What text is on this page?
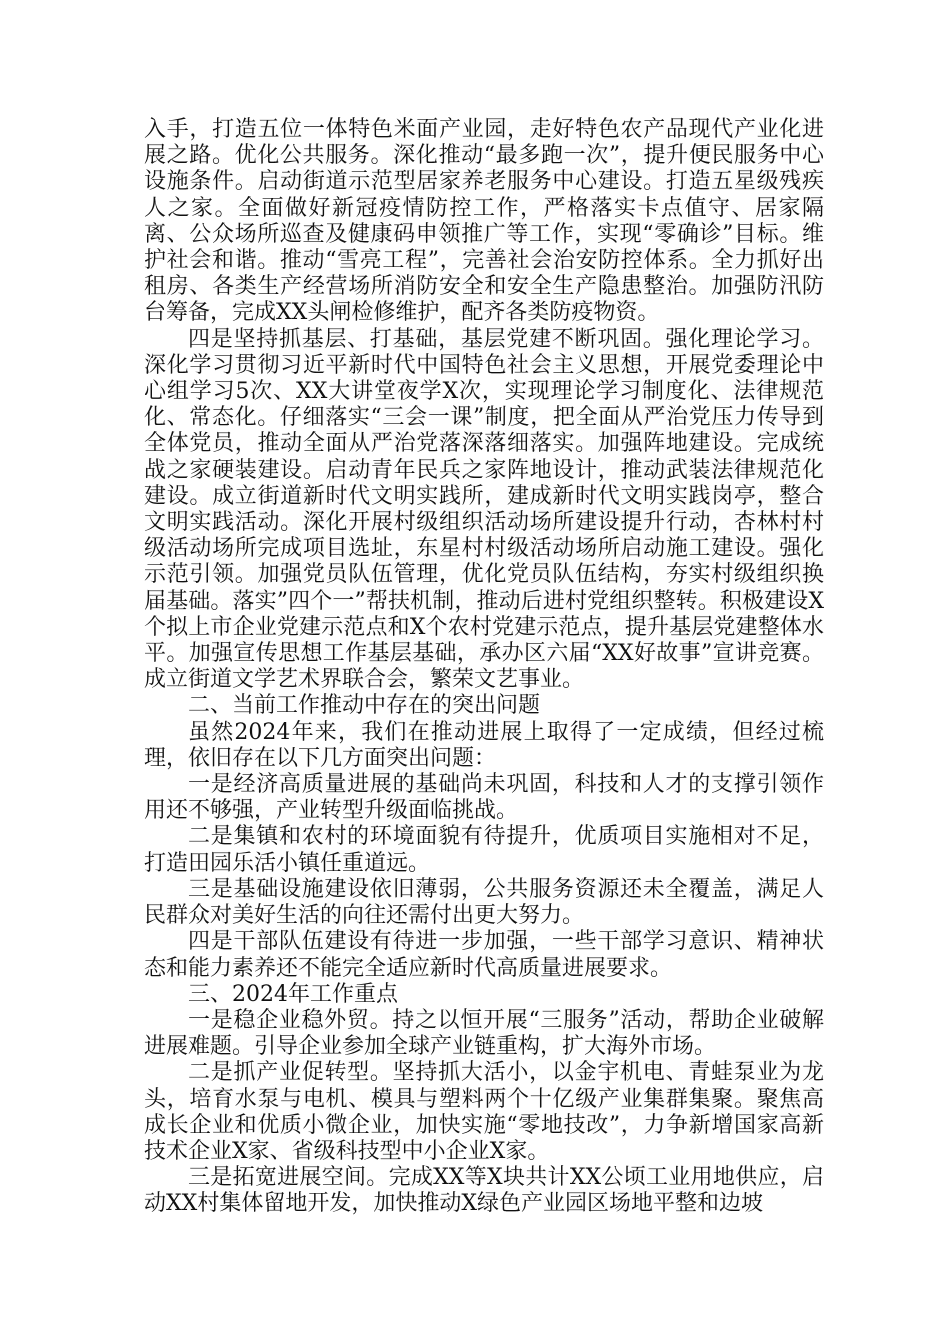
入手，打造五位一体特色米面产业园，走好特色农产品现代产业化进展之路。优化公共服务。深化推动“最多跑一次”，提升便民服务中心设施条件。启动街道示范型居家养老服务中心建设。打造五星级残疾人之家。全面做好新冠疫情防控工作，严格落实卡点值守、居家隔离、公众场所巡查及健康码申领推广等工作，实现“零确诊”目标。维护社会和谐。推动“雪亮工程”，完善社会治安防控体系。全力抓好出租房、各类生产经营场所消防安全和安全生产隐患整治。加强防汛防台筹备，完成XX头闸检修维护，配齐各类防疫物资。

四是坚持抓基层、打基础，基层党建不断巩固。强化理论学习。深化学习贯彻习近平新时代中国特色社会主义思想，开展党委理论中心组学习5次、XX大讲堂夜学X次，实现理论学习制度化、法律规范化、常态化。仔细落实“三会一课”制度，把全面从严治党压力传导到全体党员，推动全面从严治党落深落细落实。加强阵地建设。完成统战之家硬装建设。启动青年民兵之家阵地设计，推动武装法律规范化建设。成立街道新时代文明实践所，建成新时代文明实践岗亭，整合文明实践活动。深化开展村级组织活动场所建设提升行动，杏林村村级活动场所完成项目选址，东星村村级活动场所启动施工建设。强化示范引领。加强党员队伍管理，优化党员队伍结构，夯实村级组织换届基础。落实”四个一”帮扶机制，推动后进村党组织整转。积极建设X个拟上市企业党建示范点和X个农村党建示范点，提升基层党建整体水平。加强宣传思想工作基层基础，承办区六届“XX好故事”宣讲竞赛。成立街道文学艺术界联合会，繁荣文艺事业。

二、当前工作推动中存在的突出问题

虽然2024年来，我们在推动进展上取得了一定成绩，但经过梳理，依旧存在以下几方面突出问题：

一是经济高质量进展的基础尚未巩固，科技和人才的支撑引领作用还不够强，产业转型升级面临挑战。

二是集镇和农村的环境面貌有待提升，优质项目实施相对不足，打造田园乐活小镇任重道远。

三是基础设施建设依旧薄弱，公共服务资源还未全覆盖，满足人民群众对美好生活的向往还需付出更大努力。

四是干部队伍建设有待进一步加强，一些干部学习意识、精神状态和能力素养还不能完全适应新时代高质量进展要求。

三、2024年工作重点

一是稳企业稳外贸。持之以恒开展“三服务”活动，帮助企业破解进展难题。引导企业参加全球产业链重构，扩大海外市场。

二是抓产业促转型。坚持抓大活小，以金宇机电、青蛙泵业为龙头，培育水泵与电机、模具与塑料两个十亿级产业集群集聚。聚焦高成长企业和优质小微企业，加快实施“零地技改”，力争新增国家高新技术企业X家、省级科技型中小企业X家。

三是拓宽进展空间。完成XX等X块共计XX公顷工业用地供应，启动XX村集体留地开发，加快推动X绿色产业园区场地平整和边坡
